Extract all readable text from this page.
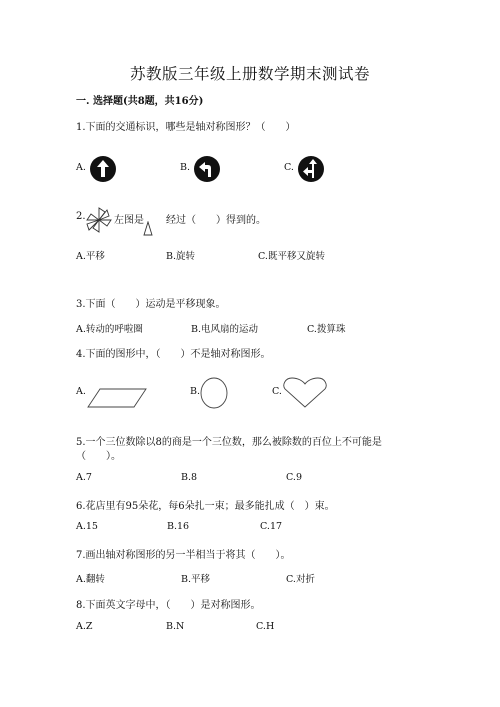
苏教版三年级上册数学期末测试卷
一. 选择题(共8题，共16分)
1.下面的交通标识，哪些是轴对称图形？（　　）
A.	B.	C.
2.	左图是 经过（　　）得到的。
A.平移	B.旋转	C.既平移又旋转
3.下面（　　）运动是平移现象。
A.转动的呼啦圈	B.电风扇的运动	C.拨算珠
4.下面的图形中，（　　）不是轴对称图形。
A.	B.	C.
5.一个三位数除以8的商是一个三位数，那么被除数的百位上不可能是
（　　）。
A.7	B.8	C.9
6.花店里有95朵花，每6朵扎一束；最多能扎成（　）束。
A.15	B.16	C.17
7.画出轴对称图形的另一半相当于将其（　　）。
A.翻转	B.平移	C.对折
8.下面英文字母中，（　　）是对称图形。
A.Z	B.N	C.H
